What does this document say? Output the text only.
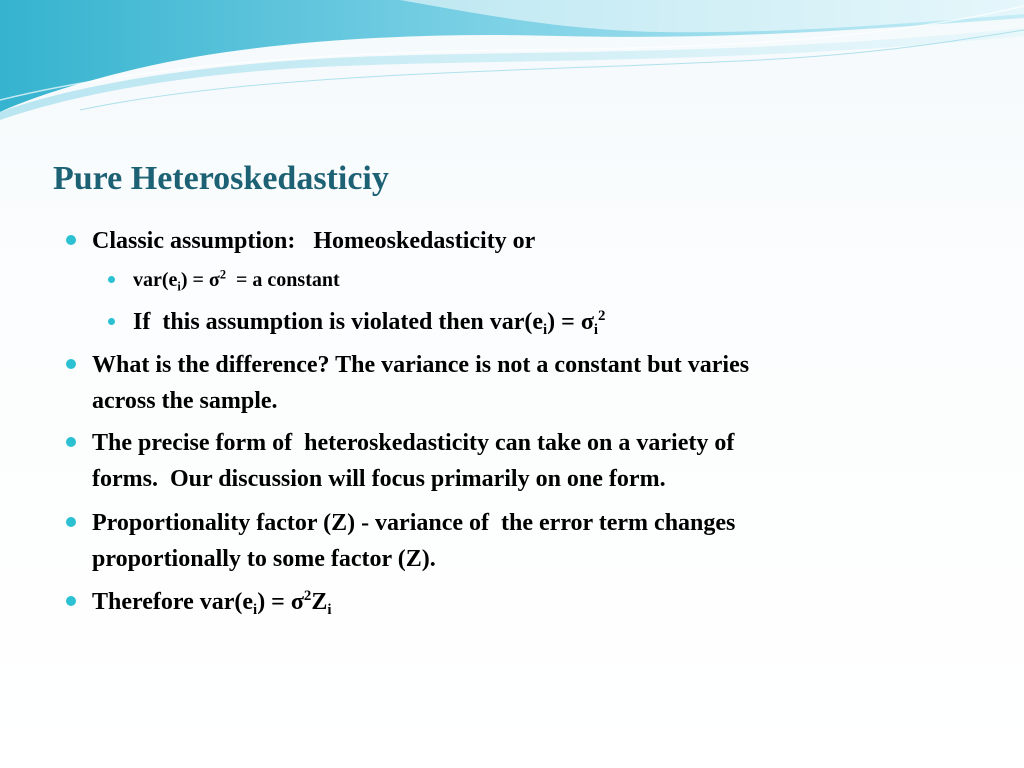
Pure Heteroskedasticiy
Classic assumption:   Homeoskedasticity or
$var(e_i) = \sigma^2 = a$ constant
If  this assumption is violated then $var(e_i) = \sigma_i^2$
What is the difference? The variance is not a constant but varies
across the sample.
The precise form of  heteroskedasticity can take on a variety of
forms.  Our discussion will focus primarily on one form.
Proportionality factor (Z) - variance of  the error term changes
proportionally to some factor (Z).
Therefore $var(e_i) = \sigma^2Z_i$
